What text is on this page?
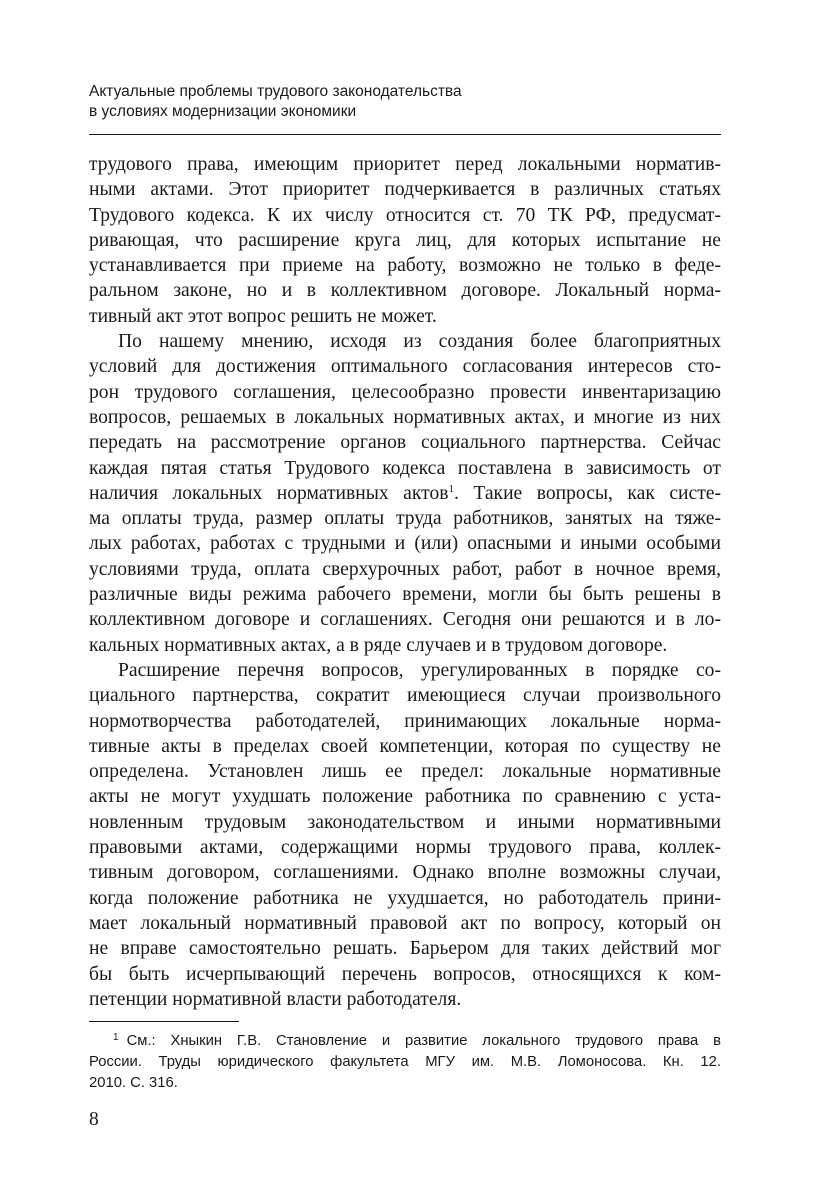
Актуальные проблемы трудового законодательства
в условиях модернизации экономики

трудового права, имеющим приоритет перед локальными норматив-
ными актами. Этот приоритет подчеркивается в различных статьях
Трудового кодекса. К их числу относится ст. 70 ТК РФ, предусмат-
ривающая, что расширение круга лиц, для которых испытание не
устанавливается при приеме на работу, возможно не только в феде-
ральном законе, но и в коллективном договоре. Локальный норма-
тивный акт этот вопрос решить не может.

По нашему мнению, исходя из создания более благоприятных
условий для достижения оптимального согласования интересов сто-
рон трудового соглашения, целесообразно провести инвентаризацию
вопросов, решаемых в локальных нормативных актах, и многие из них
передать на рассмотрение органов социального партнерства. Сейчас
каждая пятая статья Трудового кодекса поставлена в зависимость от
наличия локальных нормативных актов$^1$. Такие вопросы, как систе-
ма оплаты труда, размер оплаты труда работников, занятых на тяже-
лых работах, работах с трудными и (или) опасными и иными особыми
условиями труда, оплата сверхурочных работ, работ в ночное время,
различные виды режима рабочего времени, могли бы быть решены в
коллективном договоре и соглашениях. Сегодня они решаются и в ло-
кальных нормативных актах, а в ряде случаев и в трудовом договоре.

Расширение перечня вопросов, урегулированных в порядке со-
циального партнерства, сократит имеющиеся случаи произвольного
нормотворчества работодателей, принимающих локальные норма-
тивные акты в пределах своей компетенции, которая по существу не
определена. Установлен лишь ее предел: локальные нормативные
акты не могут ухудшать положение работника по сравнению с уста-
новленным трудовым законодательством и иными нормативными
правовыми актами, содержащими нормы трудового права, коллек-
тивным договором, соглашениями. Однако вполне возможны случаи,
когда положение работника не ухудшается, но работодатель прини-
мает локальный нормативный правовой акт по вопросу, который он
не вправе самостоятельно решать. Барьером для таких действий мог
бы быть исчерпывающий перечень вопросов, относящихся к ком-
петенции нормативной власти работодателя.

$^1$ См.: Хныкин Г.В. Становление и развитие локального трудового права в
России. Труды юридического факультета МГУ им. М.В. Ломоносова. Кн. 12.
2010. С. 316.
8
